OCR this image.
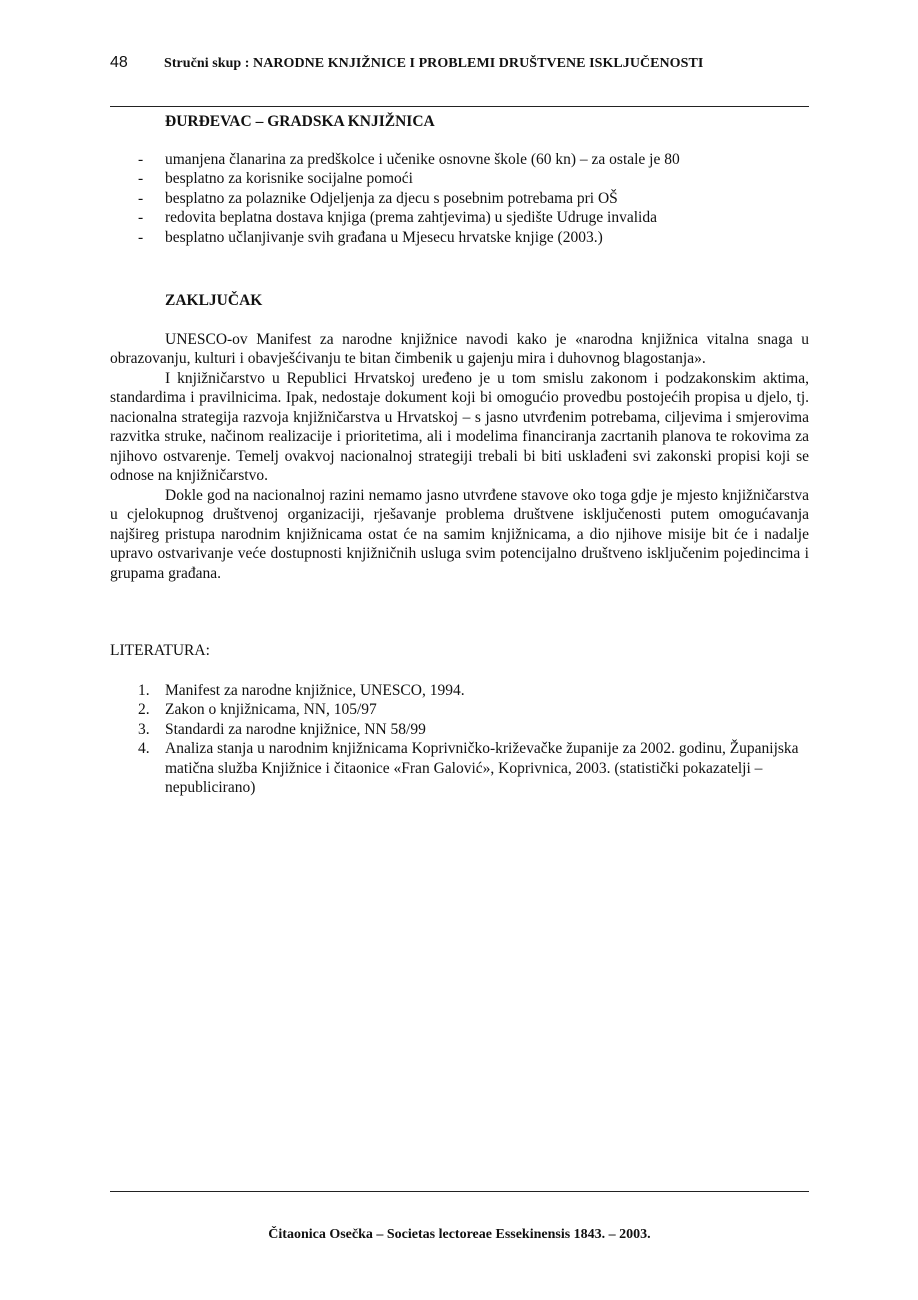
48	Stručni skup : NARODNE KNJIŽNICE I PROBLEMI DRUŠTVENE ISKLJUČENOSTI
ĐURĐEVAC – GRADSKA KNJIŽNICA
- umanjena članarina za predškolce i učenike osnovne škole (60 kn) – za ostale je 80
- besplatno za korisnike socijalne pomoći
- besplatno za polaznike Odjeljenja za djecu s posebnim potrebama pri OŠ
- redovita beplatna dostava knjiga (prema zahtjevima) u sjedište Udruge invalida
- besplatno učlanjivanje svih građana u Mjesecu hrvatske knjige (2003.)
ZAKLJUČAK

UNESCO-ov Manifest za narodne knjižnice navodi kako je «narodna knjižnica vitalna snaga u obrazovanju, kulturi i obavješćivanju te bitan čimbenik u gajenju mira i duhovnog blagostanja».

I knjižničarstvo u Republici Hrvatskoj uređeno je u tom smislu zakonom i podzakonskim aktima, standardima i pravilnicima. Ipak, nedostaje dokument koji bi omogućio provedbu postojećih propisa u djelo, tj. nacionalna strategija razvoja knjižničarstva u Hrvatskoj – s jasno utvrđenim potrebama, ciljevima i smjerovima razvitka struke, načinom realizacije i prioritetima, ali i modelima financiranja zacrtanih planova te rokovima za njihovo ostvarenje. Temelj ovakvoj nacionalnoj strategiji trebali bi biti usklađeni svi zakonski propisi koji se odnose na knjižničarstvo.

Dokle god na nacionalnoj razini nemamo jasno utvrđene stavove oko toga gdje je mjesto knjižničarstva u cjelokupnog društvenoj organizaciji, rješavanje problema društvene isključenosti putem omogućavanja najšireg pristupa narodnim knjižnicama ostat će na samim knjižnicama, a dio njihove misije bit će i nadalje upravo ostvarivanje veće dostupnosti knjižničnih usluga svim potencijalno društveno isključenim pojedincima i grupama građana.

LITERATURA:
1. Manifest za narodne knjižnice, UNESCO, 1994.
2. Zakon o knjižnicama, NN, 105/97
3. Standardi za narodne knjižnice, NN 58/99
4. Analiza stanja u narodnim knjižnicama Koprivničko-križevačke županije za 2002. godinu, Županijska matična služba Knjižnice i čitaonice «Fran Galović», Koprivnica, 2003. (statistički pokazatelji – nepublicirano)
Čitaonica Osečka – Societas lectoreae Essekinensis 1843. – 2003.
